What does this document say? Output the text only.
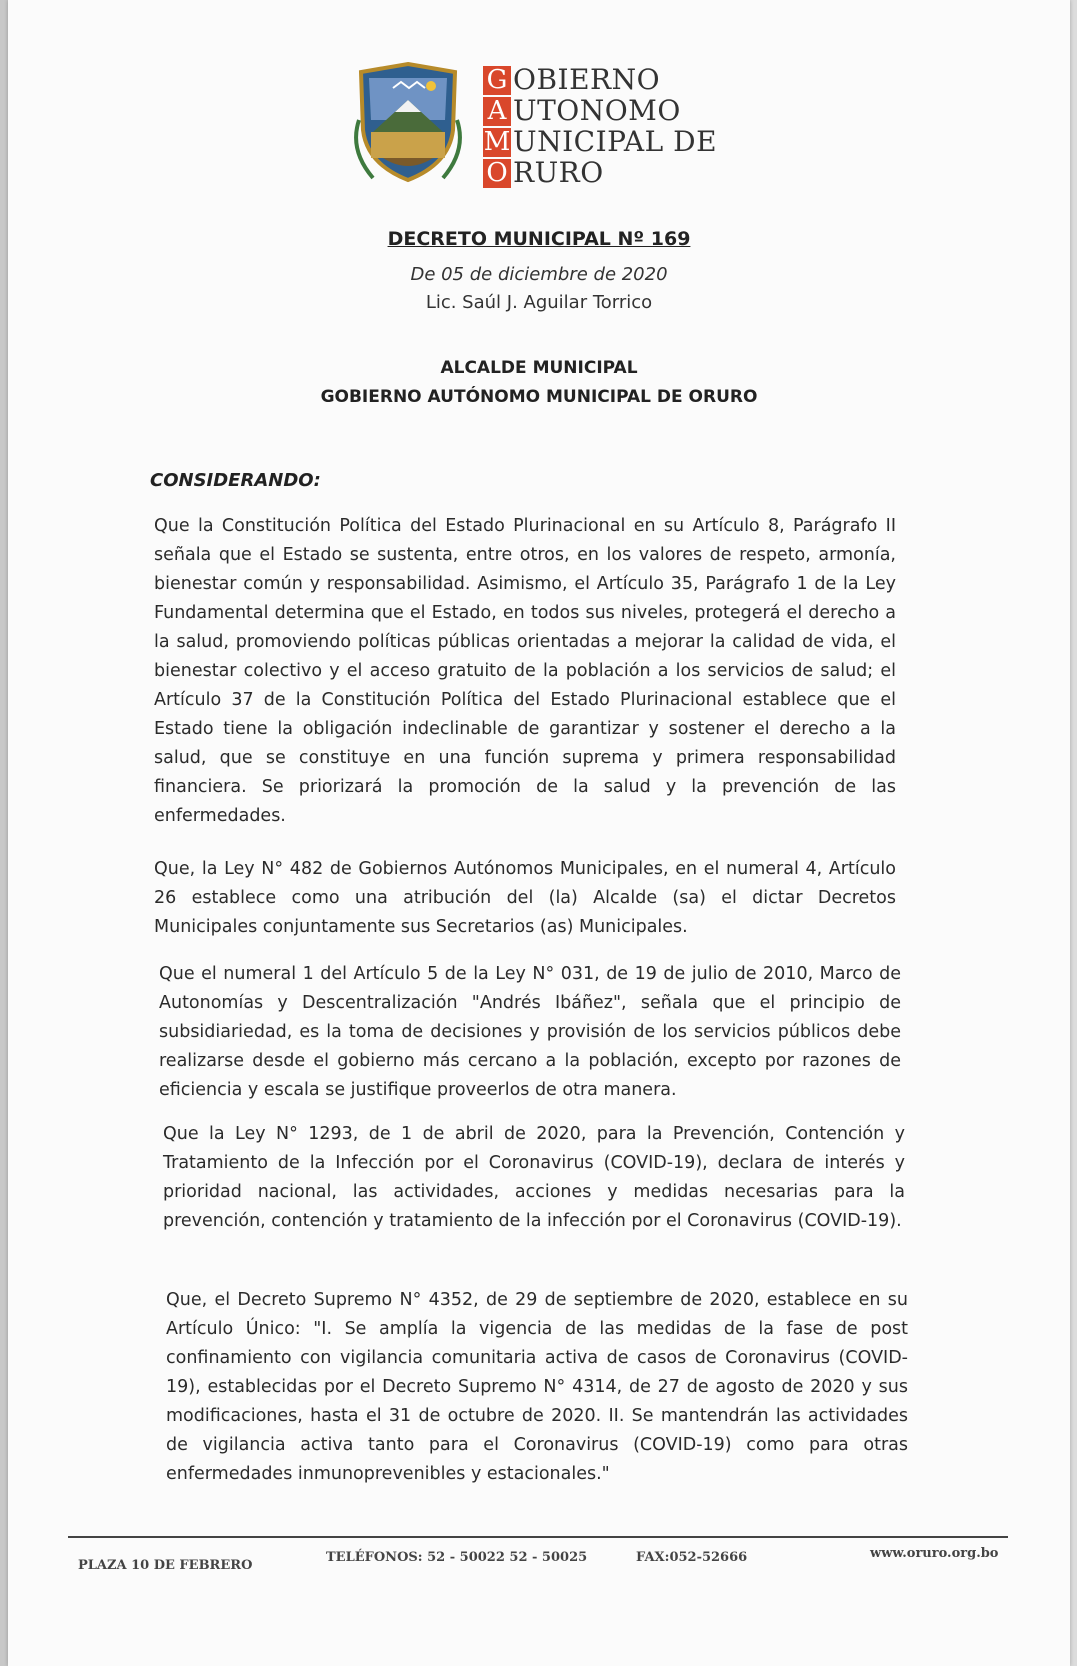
G
A
M
O
OBIERNO
UTONOMO
UNICIPAL DE
RURO
DECRETO MUNICIPAL Nº 169
De 05 de diciembre de 2020
Lic. Saúl J. Aguilar Torrico
ALCALDE MUNICIPAL
GOBIERNO AUTÓNOMO MUNICIPAL DE ORURO
CONSIDERANDO:

Que la Constitución Política del Estado Plurinacional en su Artículo 8, Parágrafo II señala que el Estado se sustenta, entre otros, en los valores de respeto, armonía, bienestar común y responsabilidad. Asimismo, el Artículo 35, Parágrafo 1 de la Ley Fundamental determina que el Estado, en todos sus niveles, protegerá el derecho a la salud, promoviendo políticas públicas orientadas a mejorar la calidad de vida, el bienestar colectivo y el acceso gratuito de la población a los servicios de salud; el Artículo 37 de la Constitución Política del Estado Plurinacional establece que el Estado tiene la obligación indeclinable de garantizar y sostener el derecho a la salud, que se constituye en una función suprema y primera responsabilidad financiera. Se priorizará la promoción de la salud y la prevención de las enfermedades.

Que, la Ley N° 482 de Gobiernos Autónomos Municipales, en el numeral 4, Artículo 26 establece como una atribución del (la) Alcalde (sa) el dictar Decretos Municipales conjuntamente sus Secretarios (as) Municipales.

Que el numeral 1 del Artículo 5 de la Ley N° 031, de 19 de julio de 2010, Marco de Autonomías y Descentralización "Andrés Ibáñez", señala que el principio de subsidiariedad, es la toma de decisiones y provisión de los servicios públicos debe realizarse desde el gobierno más cercano a la población, excepto por razones de eficiencia y escala se justifique proveerlos de otra manera.

Que la Ley N° 1293, de 1 de abril de 2020, para la Prevención, Contención y Tratamiento de la Infección por el Coronavirus (COVID-19), declara de interés y prioridad nacional, las actividades, acciones y medidas necesarias para la prevención, contención y tratamiento de la infección por el Coronavirus (COVID-19).

Que, el Decreto Supremo N° 4352, de 29 de septiembre de 2020, establece en su Artículo Único: "I. Se amplía la vigencia de las medidas de la fase de post confinamiento con vigilancia comunitaria activa de casos de Coronavirus (COVID-19), establecidas por el Decreto Supremo N° 4314, de 27 de agosto de 2020 y sus modificaciones, hasta el 31 de octubre de 2020. II. Se mantendrán las actividades de vigilancia activa tanto para el Coronavirus (COVID-19) como para otras enfermedades inmunoprevenibles y estacionales."

PLAZA 10 DE FEBRERO
TELÉFONOS: 52 - 50022 52 - 50025	FAX:052-52666	www.oruro.org.bo
